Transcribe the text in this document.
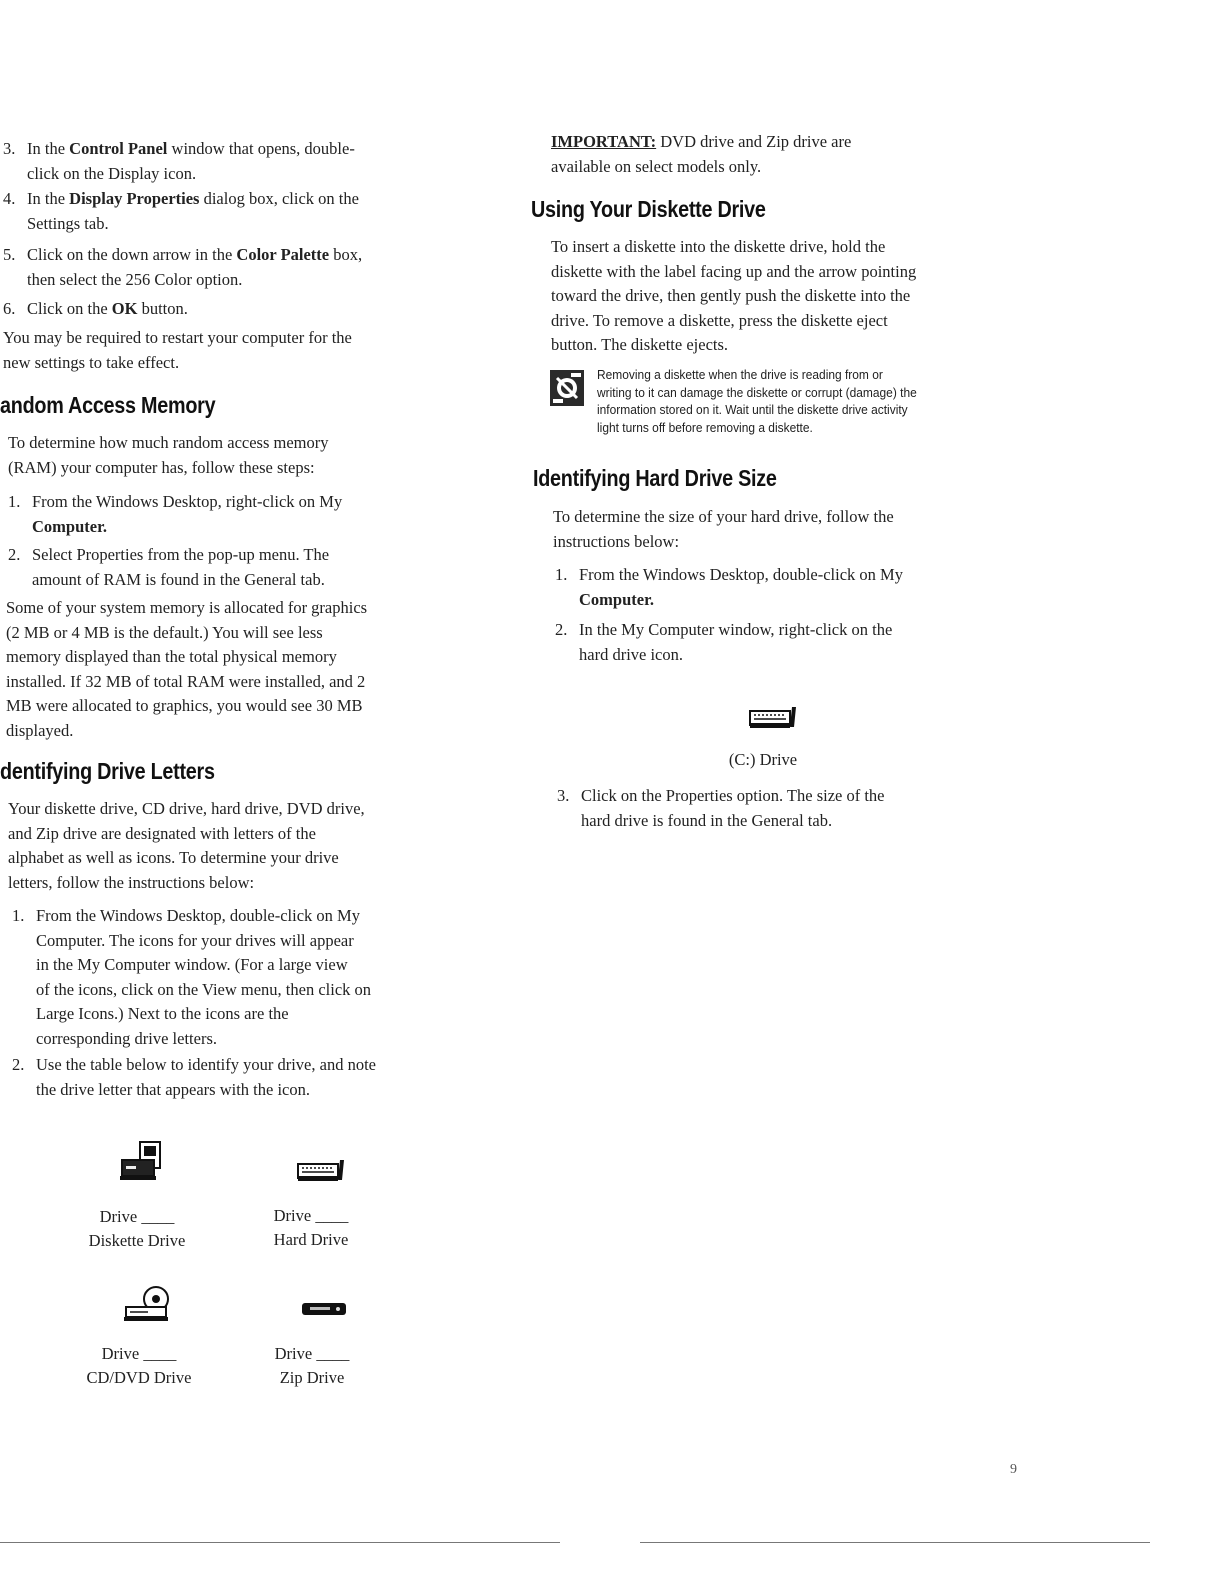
3. In the Control Panel window that opens, double-
click on the Display icon.
4. In the Display Properties dialog box, click on the
Settings tab.
5. Click on the down arrow in the Color Palette box,
then select the 256 Color option.
6. Click on the OK button.
You may be required to restart your computer for the
new settings to take effect.
andom Access Memory
To determine how much random access memory
(RAM) your computer has, follow these steps:
1. From the Windows Desktop, right-click on My
Computer.
2. Select Properties from the pop-up menu. The
amount of RAM is found in the General tab.
Some of your system memory is allocated for graphics
(2 MB or 4 MB is the default.) You will see less
memory displayed than the total physical memory
installed. If 32 MB of total RAM were installed, and 2
MB were allocated to graphics, you would see 30 MB
displayed.
dentifying Drive Letters
Your diskette drive, CD drive, hard drive, DVD drive,
and Zip drive are designated with letters of the
alphabet as well as icons. To determine your drive
letters, follow the instructions below:
1. From the Windows Desktop, double-click on My
Computer. The icons for your drives will appear
in the My Computer window. (For a large view
of the icons, click on the View menu, then click on
Large Icons.) Next to the icons are the
corresponding drive letters.
2. Use the table below to identify your drive, and note
the drive letter that appears with the icon.
Drive ____
Diskette Drive
Drive ____
Hard Drive
Drive ____
CD/DVD Drive
Drive ____
Zip Drive
IMPORTANT: DVD drive and Zip drive are
available on select models only.
Using Your Diskette Drive
To insert a diskette into the diskette drive, hold the
diskette with the label facing up and the arrow pointing
toward the drive, then gently push the diskette into the
drive. To remove a diskette, press the diskette eject
button. The diskette ejects.
Removing a diskette when the drive is reading from or
writing to it can damage the diskette or corrupt (damage) the
information stored on it. Wait until the diskette drive activity
light turns off before removing a diskette.
Identifying Hard Drive Size
To determine the size of your hard drive, follow the
instructions below:
1. From the Windows Desktop, double-click on My
Computer.
2. In the My Computer window, right-click on the
hard drive icon.
(C:) Drive
3. Click on the Properties option. The size of the
hard drive is found in the General tab.
9
